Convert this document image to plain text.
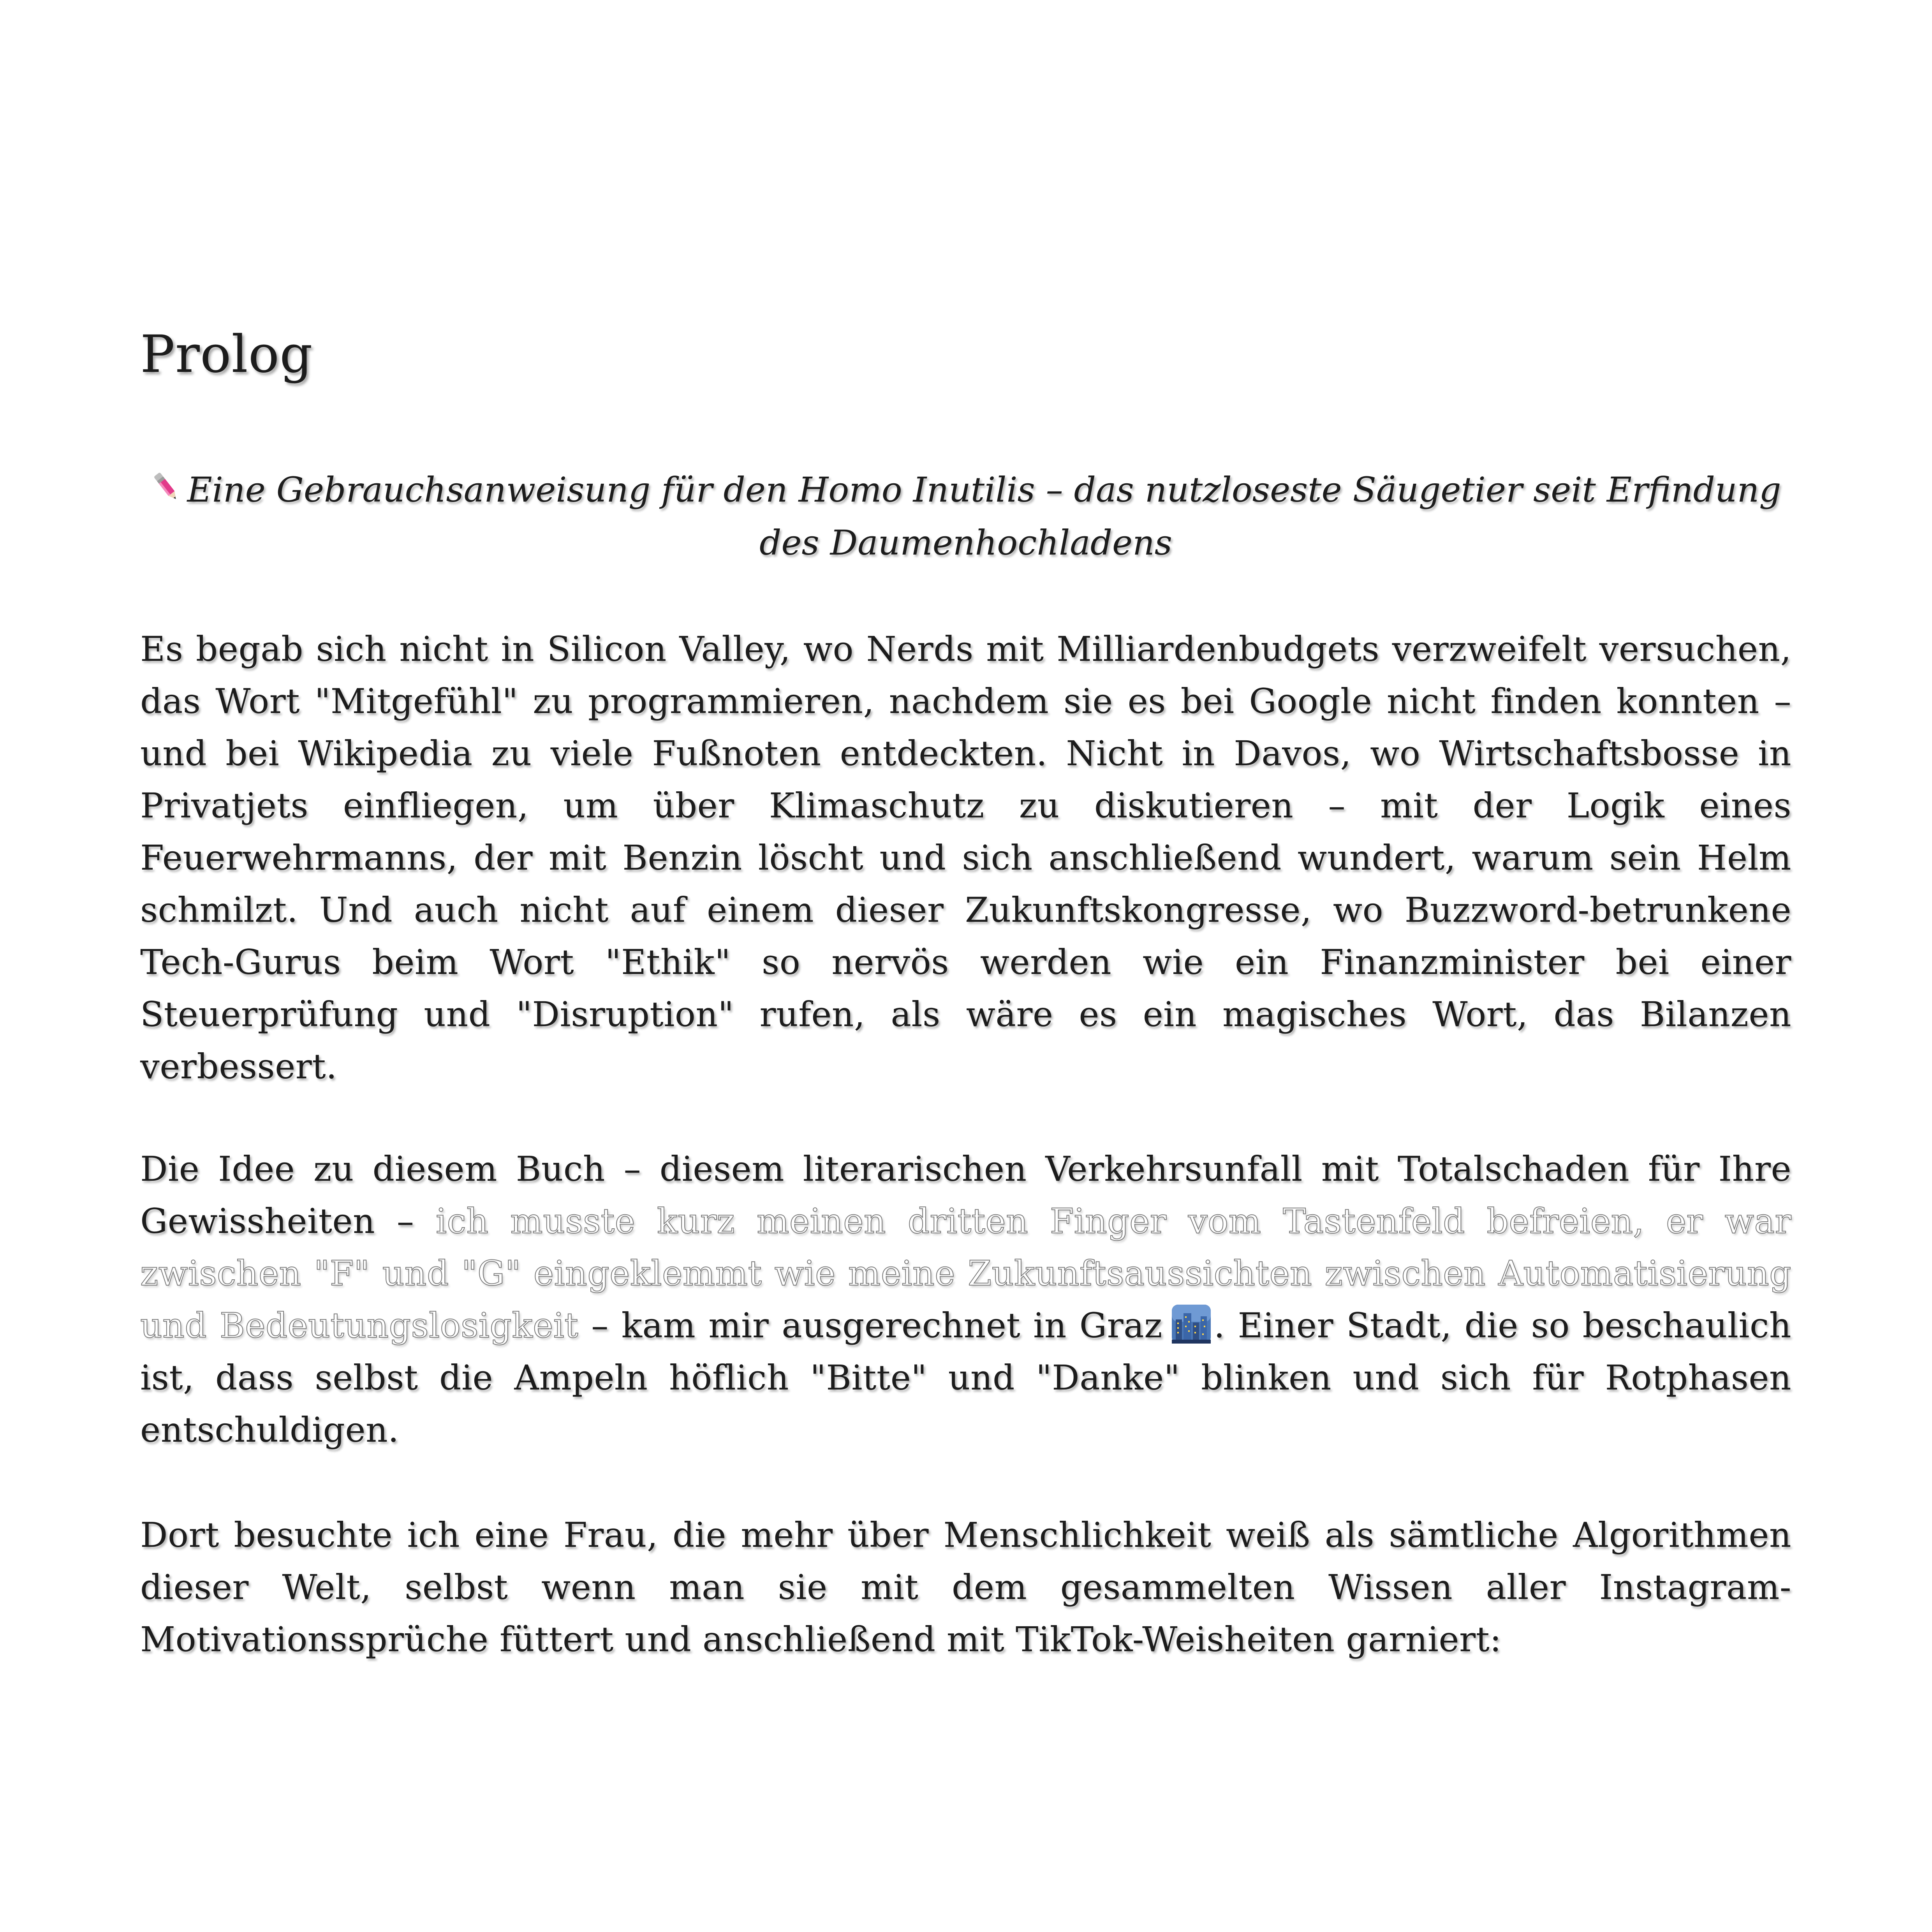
Prolog

Eine Gebrauchsanweisung für den Homo Inutilis – das nutzloseste Säugetier seit Erfindung des Daumenhochladens

Es begab sich nicht in Silicon Valley, wo Nerds mit Milliardenbudgets verzweifelt versuchen, das Wort "Mitgefühl" zu programmieren, nachdem sie es bei Google nicht finden konnten – und bei Wikipedia zu viele Fußnoten entdeckten. Nicht in Davos, wo Wirtschaftsbosse in Privatjets einfliegen, um über Klimaschutz zu diskutieren – mit der Logik eines Feuerwehrmanns, der mit Benzin löscht und sich anschließend wundert, warum sein Helm schmilzt. Und auch nicht auf einem dieser Zukunftskongresse, wo Buzzword-betrunkene Tech-Gurus beim Wort "Ethik" so nervös werden wie ein Finanzminister bei einer Steuerprüfung und "Disruption" rufen, als wäre es ein magisches Wort, das Bilanzen verbessert.

Die Idee zu diesem Buch – diesem literarischen Verkehrsunfall mit Totalschaden für Ihre Gewissheiten – ich musste kurz meinen dritten Finger vom Tastenfeld befreien, er war zwischen "F" und "G" eingeklemmt wie meine Zukunftsaussichten zwischen Automatisierung und Bedeutungslosigkeit – kam mir ausgerechnet in Graz . Einer Stadt, die so beschaulich ist, dass selbst die Ampeln höflich "Bitte" und "Danke" blinken und sich für Rotphasen entschuldigen.

Dort besuchte ich eine Frau, die mehr über Menschlichkeit weiß als sämtliche Algorithmen dieser Welt, selbst wenn man sie mit dem gesammelten Wissen aller Instagram-Motivationssprüche füttert und anschließend mit TikTok-Weisheiten garniert:
